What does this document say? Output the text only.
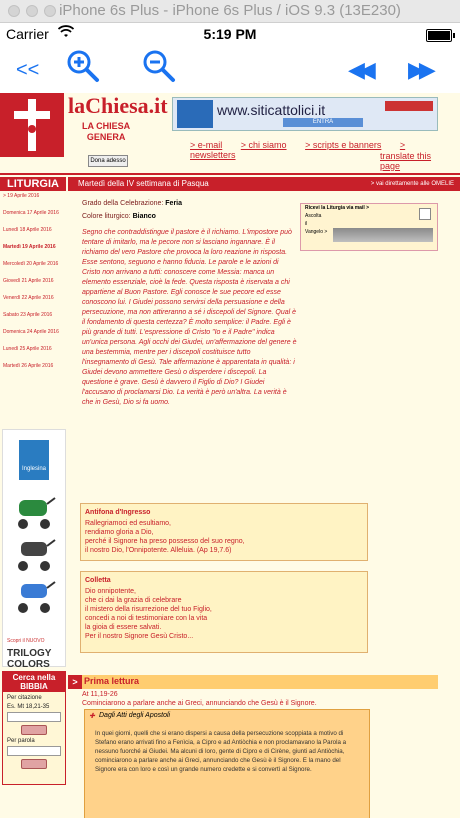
iPhone 6s Plus - iPhone 6s Plus / iOS 9.3 (13E230)
Carrier	5:19 PM
<<	◀◀ ▶▶
laChiesa.it
LA CHIESA
GENERA
Dona adesso
www.siticattolici.it
ENTRA
> e-mail > chi siamo > scripts e banners > newsletters	translate this page
LITURGIA	Martedì della IV settimana di Pasqua	> vai direttamente alle OMELIE
> 19 Aprile 2016
Domenica 17 Aprile 2016
Lunedì 18 Aprile 2016
Martedì 19 Aprile 2016
Mercoledì 20 Aprile 2016
Giovedì 21 Aprile 2016
Venerdì 22 Aprile 2016
Sabato 23 Aprile 2016
Domenica 24 Aprile 2016
Lunedì 25 Aprile 2016
Martedì 26 Aprile 2016
Inglesina
Scopri il NUOVO
TRILOGY COLORS
Cerca nella BIBBIA
Per citazione
Es. Mt 18,21-35
Per parola
Grado della Celebrazione: Feria
Colore liturgico: Bianco
Segno che contraddistingue il pastore è il richiamo. L'impostore può tentare di imitarlo, ma le pecore non si lasciano ingannare. È il richiamo del vero Pastore che provoca la loro reazione in risposta. Esse sentono, seguono e hanno fiducia. Le parole e le azioni di Cristo non arrivano a tutti: conoscere come Messia: manca un elemento essenziale, cioè la fede. Questa risposta è riservata a chi appartiene al Buon Pastore. Egli conosce le sue pecore ed esse conoscono lui. I Giudei possono servirsi della persuasione e della persecuzione, ma non attireranno a sé i discepoli del Signore. Qual è il fondamento di questa certezza? È molto semplice: il Padre. Egli è più grande di tutti. L'espressione di Cristo "Io e il Padre" indica un'unica persona. Agli occhi dei Giudei, un'affermazione del genere è una bestemmia, mentre per i discepoli costituisce tutto l'insegnamento di Gesù. Tale affermazione è apparentata in qualità: i Giudei devono ammettere Gesù o disperdere i discepoli. La questione è grave. Gesù è davvero il Figlio di Dio? I Giudei l'accusano di proclamarsi Dio. La verità è però un'altra. La verità è che in Gesù, Dio si fa uomo.
Ricevi la Liturgia via mail >
Ascolta
il
Vangelo >
Antifona d'Ingresso
Rallegriamoci ed esultiamo,
rendiamo gloria a Dio,
perché il Signore ha preso possesso del suo regno,
il nostro Dio, l'Onnipotente. Alleluia. (Ap 19,7.6)
Colletta
Dio onnipotente,
che ci dai la grazia di celebrare
il mistero della risurrezione del tuo Figlio,
concedi a noi di testimoniare con la vita
la gioia di essere salvati.
Per il nostro Signore Gesù Cristo...
> Prima lettura
At 11,19-26
Cominciarono a parlare anche ai Greci, annunciando che Gesù è il Signore.
✚ Dagli Atti degli Apostoli
In quei giorni, quelli che si erano dispersi a causa della persecuzione scoppiata a motivo di Stefano erano arrivati fino a Fenìcia, a Cipro e ad Antiòchia e non proclamavano la Parola a nessuno fuorché ai Giudei. Ma alcuni di loro, gente di Cipro e di Cirène, giunti ad Antiòchia, cominciarono a parlare anche ai Greci, annunciando che Gesù è il Signore. E la mano del Signore era con loro e così un grande numero credette e si convertì al Signore.
